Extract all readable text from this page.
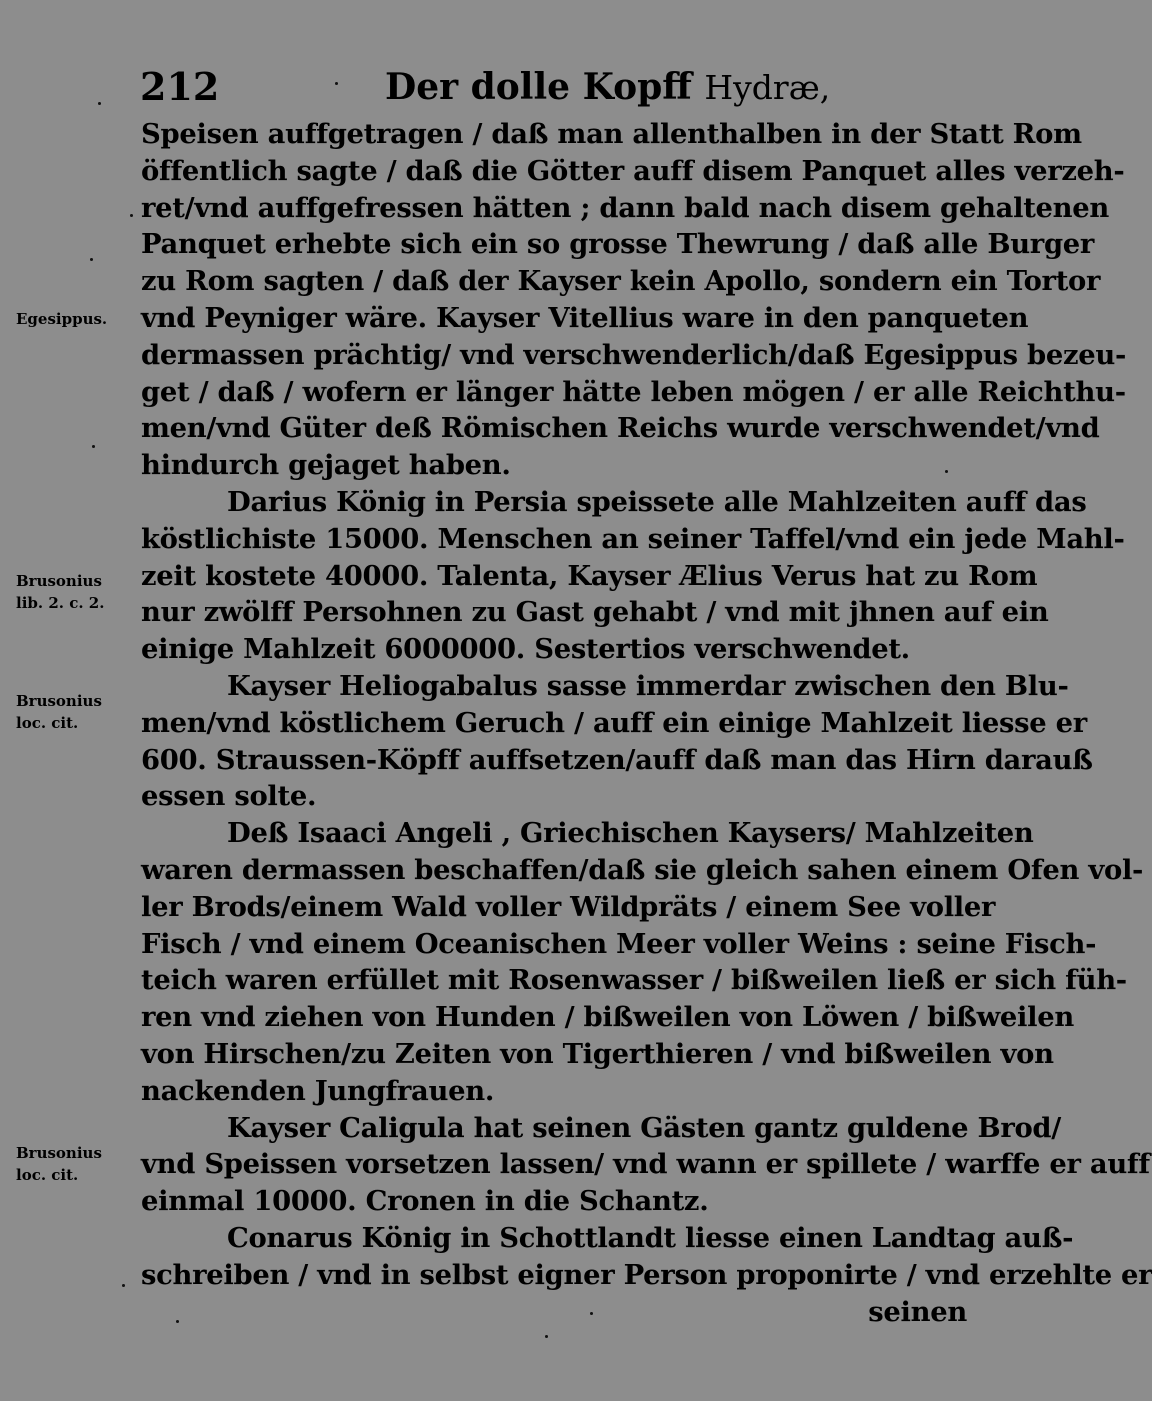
212	Der dolle Kopff Hydræ,
Egesippus.
Brusonius
lib. 2. c. 2.
Brusonius
loc. cit.
Brusonius
loc. cit.
Speisen auffgetragen / daß man allenthalben in der Statt Rom
öffentlich sagte / daß die Götter auff disem Panquet alles verzeh-
ret/vnd auffgefressen hätten ; dann bald nach disem gehaltenen
Panquet erhebte sich ein so grosse Thewrung / daß alle Burger
zu Rom sagten / daß der Kayser kein Apollo, sondern ein Tortor
vnd Peyniger wäre. Kayser Vitellius ware in den panqueten
dermassen prächtig/ vnd verschwenderlich/daß Egesippus bezeu-
get / daß / wofern er länger hätte leben mögen / er alle Reichthu-
men/vnd Güter deß Römischen Reichs wurde verschwendet/vnd
hindurch gejaget haben.
Darius König in Persia speissete alle Mahlzeiten auff das
köstlichiste 15000. Menschen an seiner Taffel/vnd ein jede Mahl-
zeit kostete 40000. Talenta, Kayser Ælius Verus hat zu Rom
nur zwölff Persohnen zu Gast gehabt / vnd mit jhnen auf ein
einige Mahlzeit 6000000. Sestertios verschwendet.
Kayser Heliogabalus sasse immerdar zwischen den Blu-
men/vnd köstlichem Geruch / auff ein einige Mahlzeit liesse er
600. Straussen-Köpff auffsetzen/auff daß man das Hirn darauß
essen solte.
Deß Isaaci Angeli , Griechischen Kaysers/ Mahlzeiten
waren dermassen beschaffen/daß sie gleich sahen einem Ofen vol-
ler Brods/einem Wald voller Wildpräts / einem See voller
Fisch / vnd einem Oceanischen Meer voller Weins : seine Fisch-
teich waren erfüllet mit Rosenwasser / bißweilen ließ er sich füh-
ren vnd ziehen von Hunden / bißweilen von Löwen / bißweilen
von Hirschen/zu Zeiten von Tigerthieren / vnd bißweilen von
nackenden Jungfrauen.
Kayser Caligula hat seinen Gästen gantz guldene Brod/
vnd Speissen vorsetzen lassen/ vnd wann er spillete / warffe er auff
einmal 10000. Cronen in die Schantz.
Conarus König in Schottlandt liesse einen Landtag auß-
schreiben / vnd in selbst eigner Person proponirte / vnd erzehlte er
seinen
